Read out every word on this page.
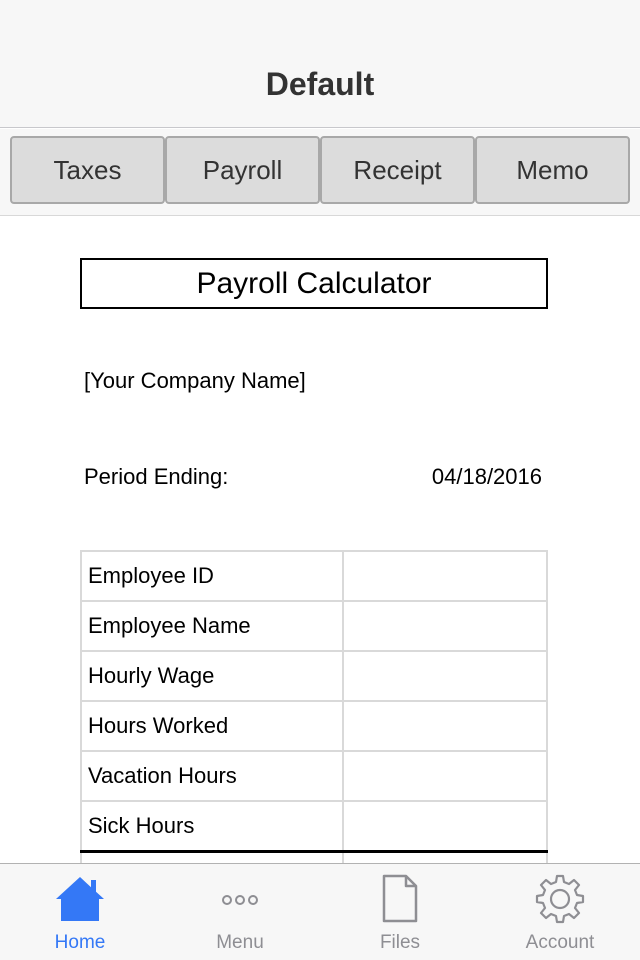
Default
Taxes	Payroll	Receipt	Memo
Payroll Calculator
[Your Company Name]
Period Ending:	04/18/2016
Employee ID	
Employee Name	
Hourly Wage	
Hours Worked	
Vacation Hours	
Sick Hours	

Home	Menu	Files	Account
